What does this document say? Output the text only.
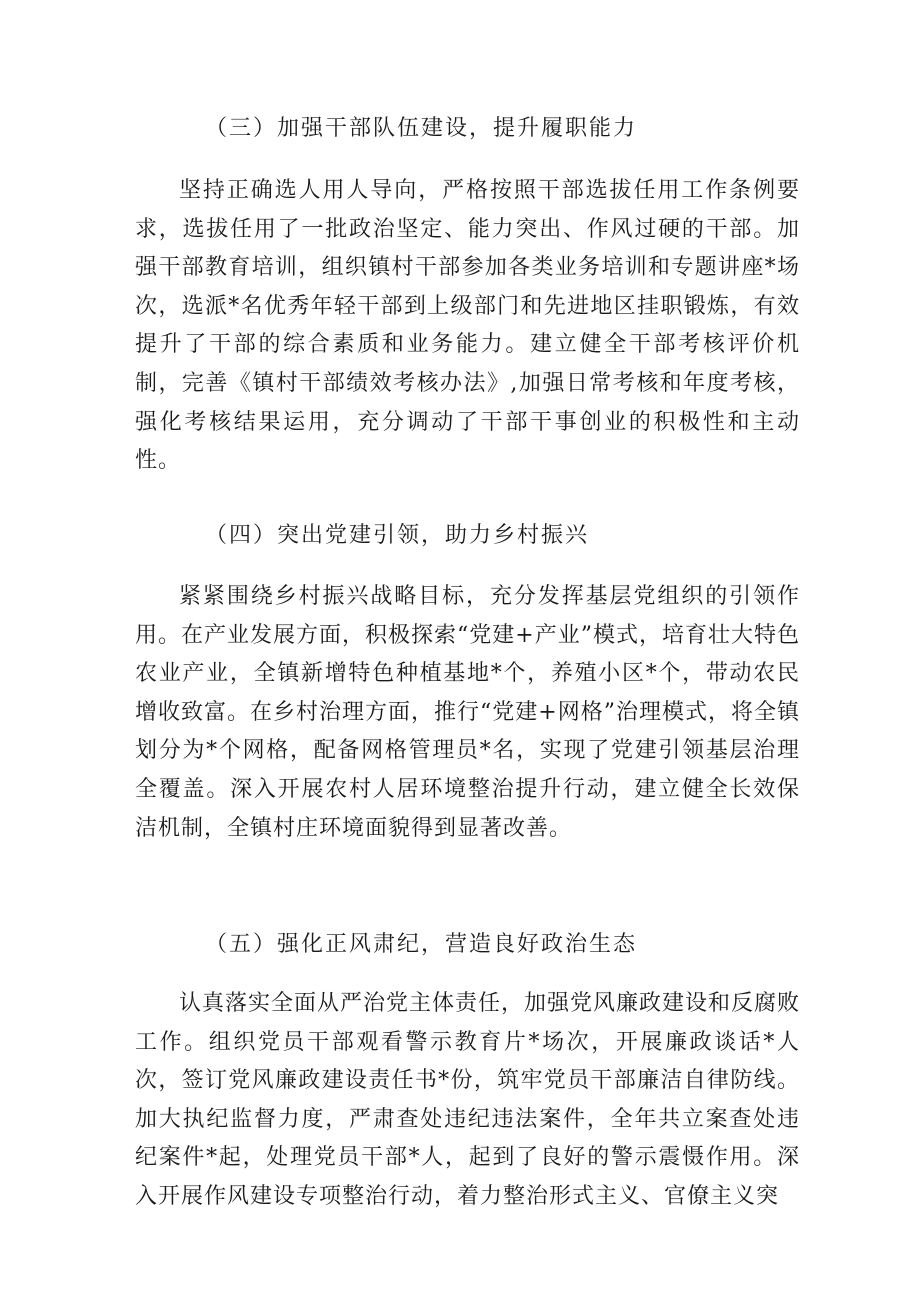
（三）加强干部队伍建设，提升履职能力

坚持正确选人用人导向，严格按照干部选拔任用工作条例要求，选拔任用了一批政治坚定、能力突出、作风过硬的干部。加强干部教育培训，组织镇村干部参加各类业务培训和专题讲座*场次，选派*名优秀年轻干部到上级部门和先进地区挂职锻炼，有效提升了干部的综合素质和业务能力。建立健全干部考核评价机制，完善《镇村干部绩效考核办法》,加强日常考核和年度考核，强化考核结果运用，充分调动了干部干事创业的积极性和主动性。

（四）突出党建引领，助力乡村振兴

紧紧围绕乡村振兴战略目标，充分发挥基层党组织的引领作用。在产业发展方面，积极探索“党建+产业”模式，培育壮大特色农业产业，全镇新增特色种植基地*个，养殖小区*个，带动农民增收致富。在乡村治理方面，推行“党建+网格”治理模式，将全镇划分为*个网格，配备网格管理员*名，实现了党建引领基层治理全覆盖。深入开展农村人居环境整治提升行动，建立健全长效保洁机制，全镇村庄环境面貌得到显著改善。

（五）强化正风肃纪，营造良好政治生态

认真落实全面从严治党主体责任，加强党风廉政建设和反腐败工作。组织党员干部观看警示教育片*场次，开展廉政谈话*人次，签订党风廉政建设责任书*份，筑牢党员干部廉洁自律防线。加大执纪监督力度，严肃查处违纪违法案件，全年共立案查处违纪案件*起，处理党员干部*人，起到了良好的警示震慑作用。深入开展作风建设专项整治行动，着力整治形式主义、官僚主义突
